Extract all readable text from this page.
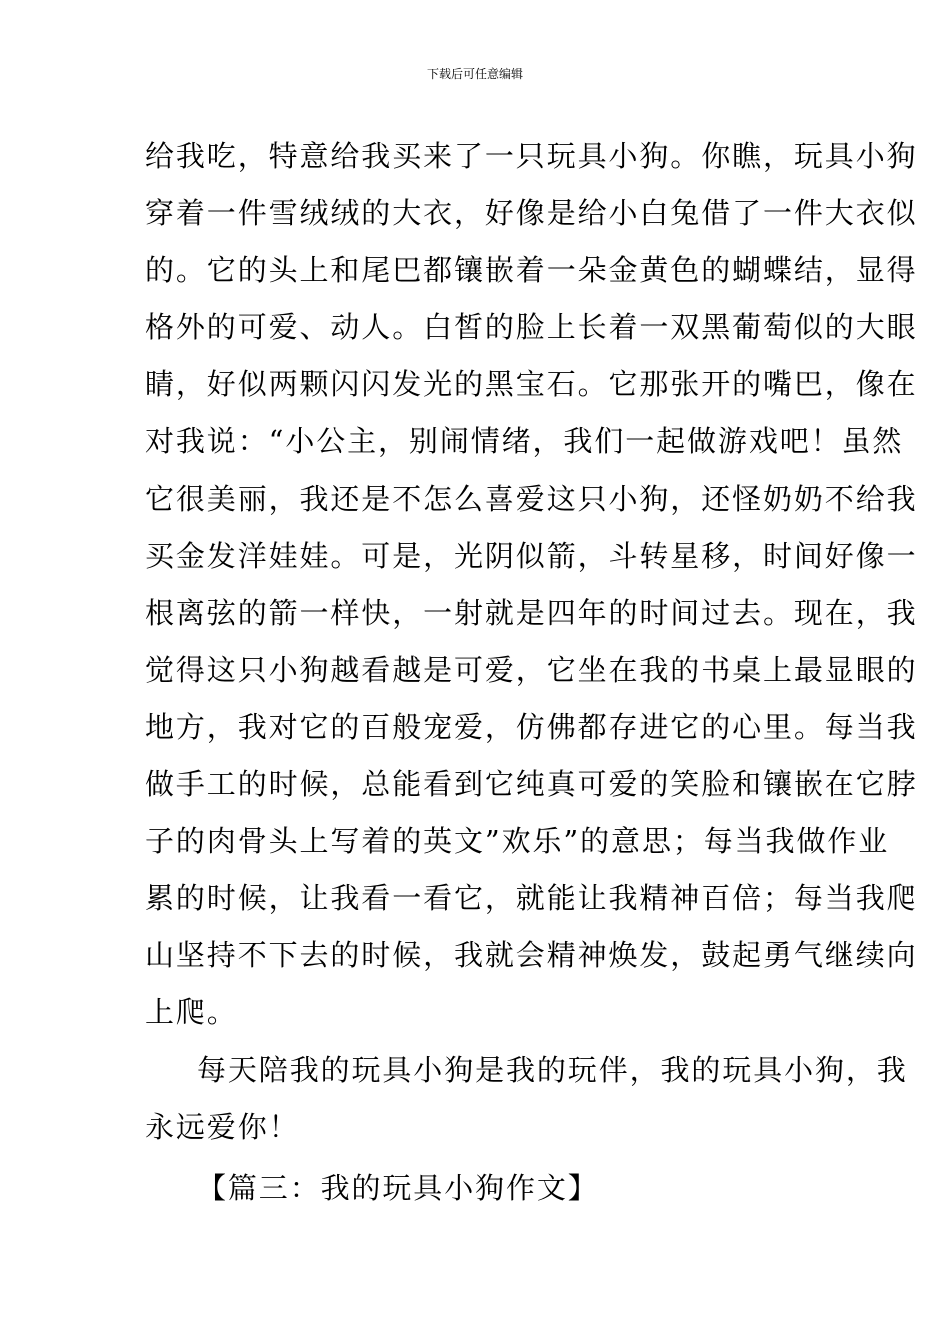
下载后可任意编辑
给我吃，特意给我买来了一只玩具小狗。你瞧，玩具小狗
穿着一件雪绒绒的大衣，好像是给小白兔借了一件大衣似
的。它的头上和尾巴都镶嵌着一朵金黄色的蝴蝶结，显得
格外的可爱、动人。白皙的脸上长着一双黑葡萄似的大眼
睛，好似两颗闪闪发光的黑宝石。它那张开的嘴巴，像在
对我说：“小公主，别闹情绪，我们一起做游戏吧！虽然
它很美丽，我还是不怎么喜爱这只小狗，还怪奶奶不给我
买金发洋娃娃。可是，光阴似箭，斗转星移，时间好像一
根离弦的箭一样快，一射就是四年的时间过去。现在，我
觉得这只小狗越看越是可爱，它坐在我的书桌上最显眼的
地方，我对它的百般宠爱，仿佛都存进它的心里。每当我
做手工的时候，总能看到它纯真可爱的笑脸和镶嵌在它脖
子的肉骨头上写着的英文”欢乐”的意思；每当我做作业
累的时候，让我看一看它，就能让我精神百倍；每当我爬
山坚持不下去的时候，我就会精神焕发，鼓起勇气继续向
上爬。
每天陪我的玩具小狗是我的玩伴，我的玩具小狗，我
永远爱你！
【篇三：我的玩具小狗作文】
